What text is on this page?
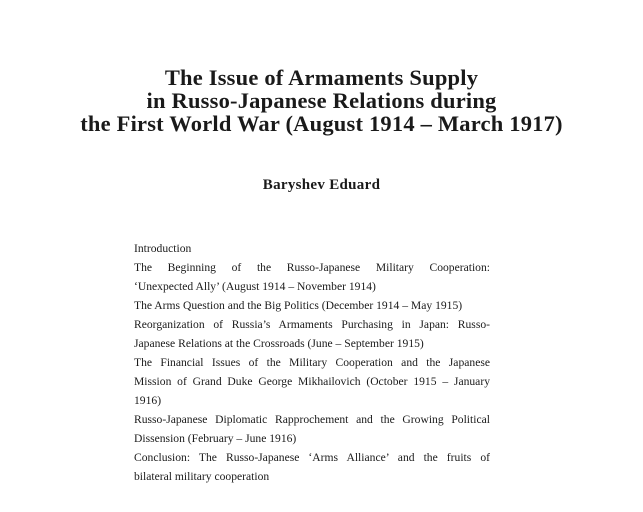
The Issue of Armaments Supply
in Russo-Japanese Relations during
the First World War (August 1914 – March 1917)
Baryshev Eduard
Introduction
The Beginning of the Russo-Japanese Military Cooperation:
‘Unexpected Ally’ (August 1914 – November 1914)
The Arms Question and the Big Politics (December 1914 – May 1915)
Reorganization of Russia’s Armaments Purchasing in Japan: Russo-
Japanese Relations at the Crossroads (June – September 1915)
The Financial Issues of the Military Cooperation and the Japanese
Mission of Grand Duke George Mikhailovich (October 1915 – January
1916)
Russo-Japanese Diplomatic Rapprochement and the Growing Political
Dissension (February – June 1916)
Conclusion: The Russo-Japanese ‘Arms Alliance’ and the fruits of
bilateral military cooperation
